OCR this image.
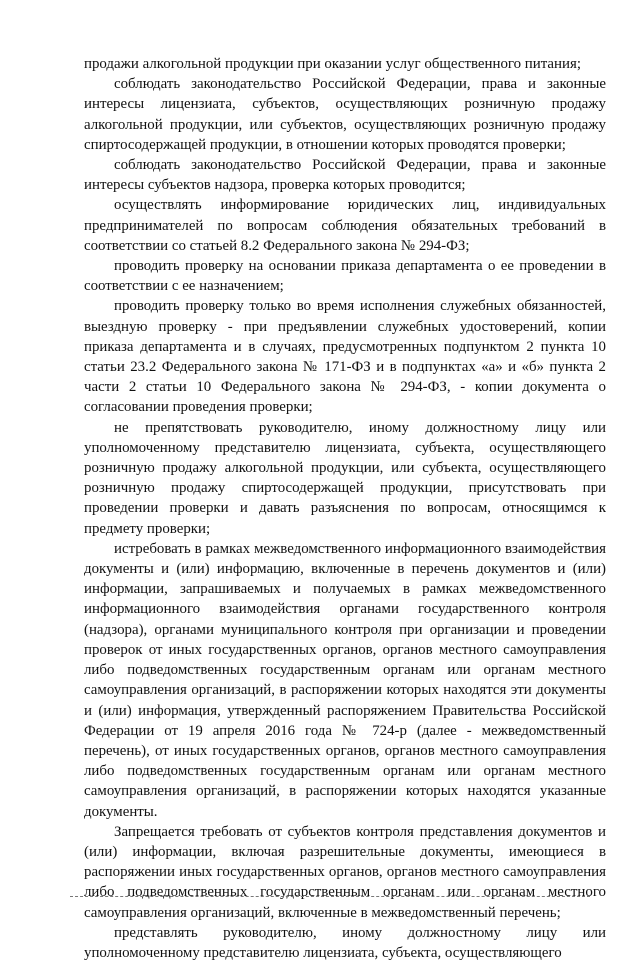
продажи алкогольной продукции при оказании услуг общественного питания;

соблюдать законодательство Российской Федерации, права и законные интересы лицензиата, субъектов, осуществляющих розничную продажу алкогольной продукции, или субъектов, осуществляющих розничную продажу спиртосодержащей продукции, в отношении которых проводятся проверки;

соблюдать законодательство Российской Федерации, права и законные интересы субъектов надзора, проверка которых проводится;

осуществлять информирование юридических лиц, индивидуальных предпринимателей по вопросам соблюдения обязательных требований в соответствии со статьей 8.2 Федерального закона № 294-ФЗ;

проводить проверку на основании приказа департамента о ее проведении в соответствии с ее назначением;

проводить проверку только во время исполнения служебных обязанностей, выездную проверку - при предъявлении служебных удостоверений, копии приказа департамента и в случаях, предусмотренных подпунктом 2 пункта 10 статьи 23.2 Федерального закона № 171-ФЗ и в подпунктах «а» и «б» пункта 2 части 2 статьи 10 Федерального закона № 294-ФЗ, - копии документа о согласовании проведения проверки;

не препятствовать руководителю, иному должностному лицу или уполномоченному представителю лицензиата, субъекта, осуществляющего розничную продажу алкогольной продукции, или субъекта, осуществляющего розничную продажу спиртосодержащей продукции, присутствовать при проведении проверки и давать разъяснения по вопросам, относящимся к предмету проверки;

истребовать в рамках межведомственного информационного взаимодействия документы и (или) информацию, включенные в перечень документов и (или) информации, запрашиваемых и получаемых в рамках межведомственного информационного взаимодействия органами государственного контроля (надзора), органами муниципального контроля при организации и проведении проверок от иных государственных органов, органов местного самоуправления либо подведомственных государственным органам или органам местного самоуправления организаций, в распоряжении которых находятся эти документы и (или) информация, утвержденный распоряжением Правительства Российской Федерации от 19 апреля 2016 года № 724-р (далее - межведомственный перечень), от иных государственных органов, органов местного самоуправления либо подведомственных государственным органам или органам местного самоуправления организаций, в распоряжении которых находятся указанные документы.

Запрещается требовать от субъектов контроля представления документов и (или) информации, включая разрешительные документы, имеющиеся в распоряжении иных государственных органов, органов местного самоуправления либо подведомственных государственным органам или органам местного самоуправления организаций, включенные в межведомственный перечень;

представлять руководителю, иному должностному лицу или уполномоченному представителю лицензиата, субъекта, осуществляющего
